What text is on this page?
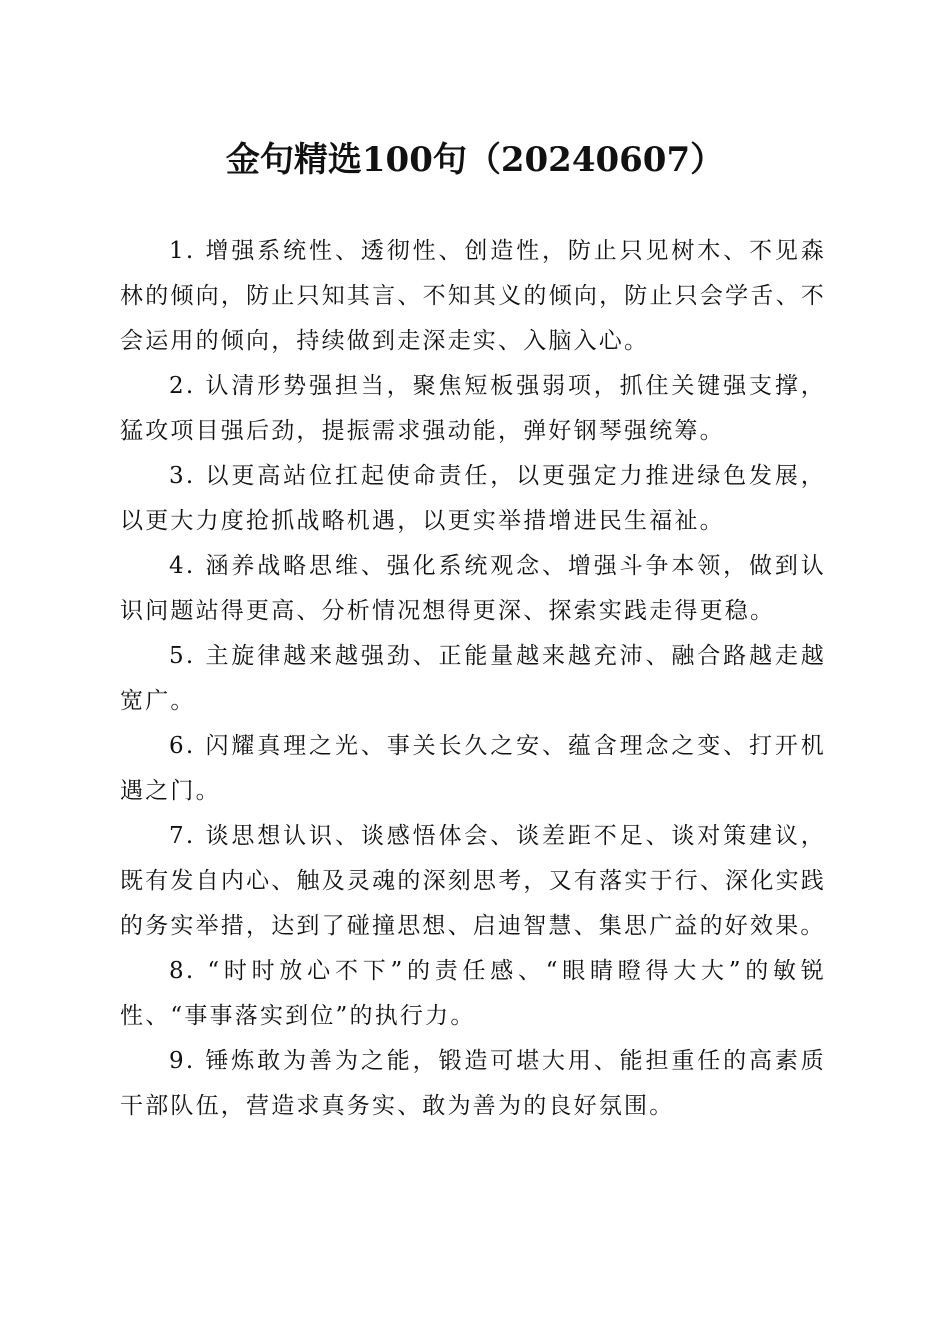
金句精选100句（20240607）

1. 增强系统性、透彻性、创造性，防止只见树木、不见森林的倾向，防止只知其言、不知其义的倾向，防止只会学舌、不会运用的倾向，持续做到走深走实、入脑入心。

2. 认清形势强担当，聚焦短板强弱项，抓住关键强支撑，猛攻项目强后劲，提振需求强动能，弹好钢琴强统筹。

3. 以更高站位扛起使命责任，以更强定力推进绿色发展，以更大力度抢抓战略机遇，以更实举措增进民生福祉。

4. 涵养战略思维、强化系统观念、增强斗争本领，做到认识问题站得更高、分析情况想得更深、探索实践走得更稳。

5. 主旋律越来越强劲、正能量越来越充沛、融合路越走越宽广。

6. 闪耀真理之光、事关长久之安、蕴含理念之变、打开机遇之门。

7. 谈思想认识、谈感悟体会、谈差距不足、谈对策建议，既有发自内心、触及灵魂的深刻思考，又有落实于行、深化实践的务实举措，达到了碰撞思想、启迪智慧、集思广益的好效果。

8. “时时放心不下”的责任感、“眼睛瞪得大大”的敏锐性、“事事落实到位”的执行力。

9. 锤炼敢为善为之能，锻造可堪大用、能担重任的高素质干部队伍，营造求真务实、敢为善为的良好氛围。
